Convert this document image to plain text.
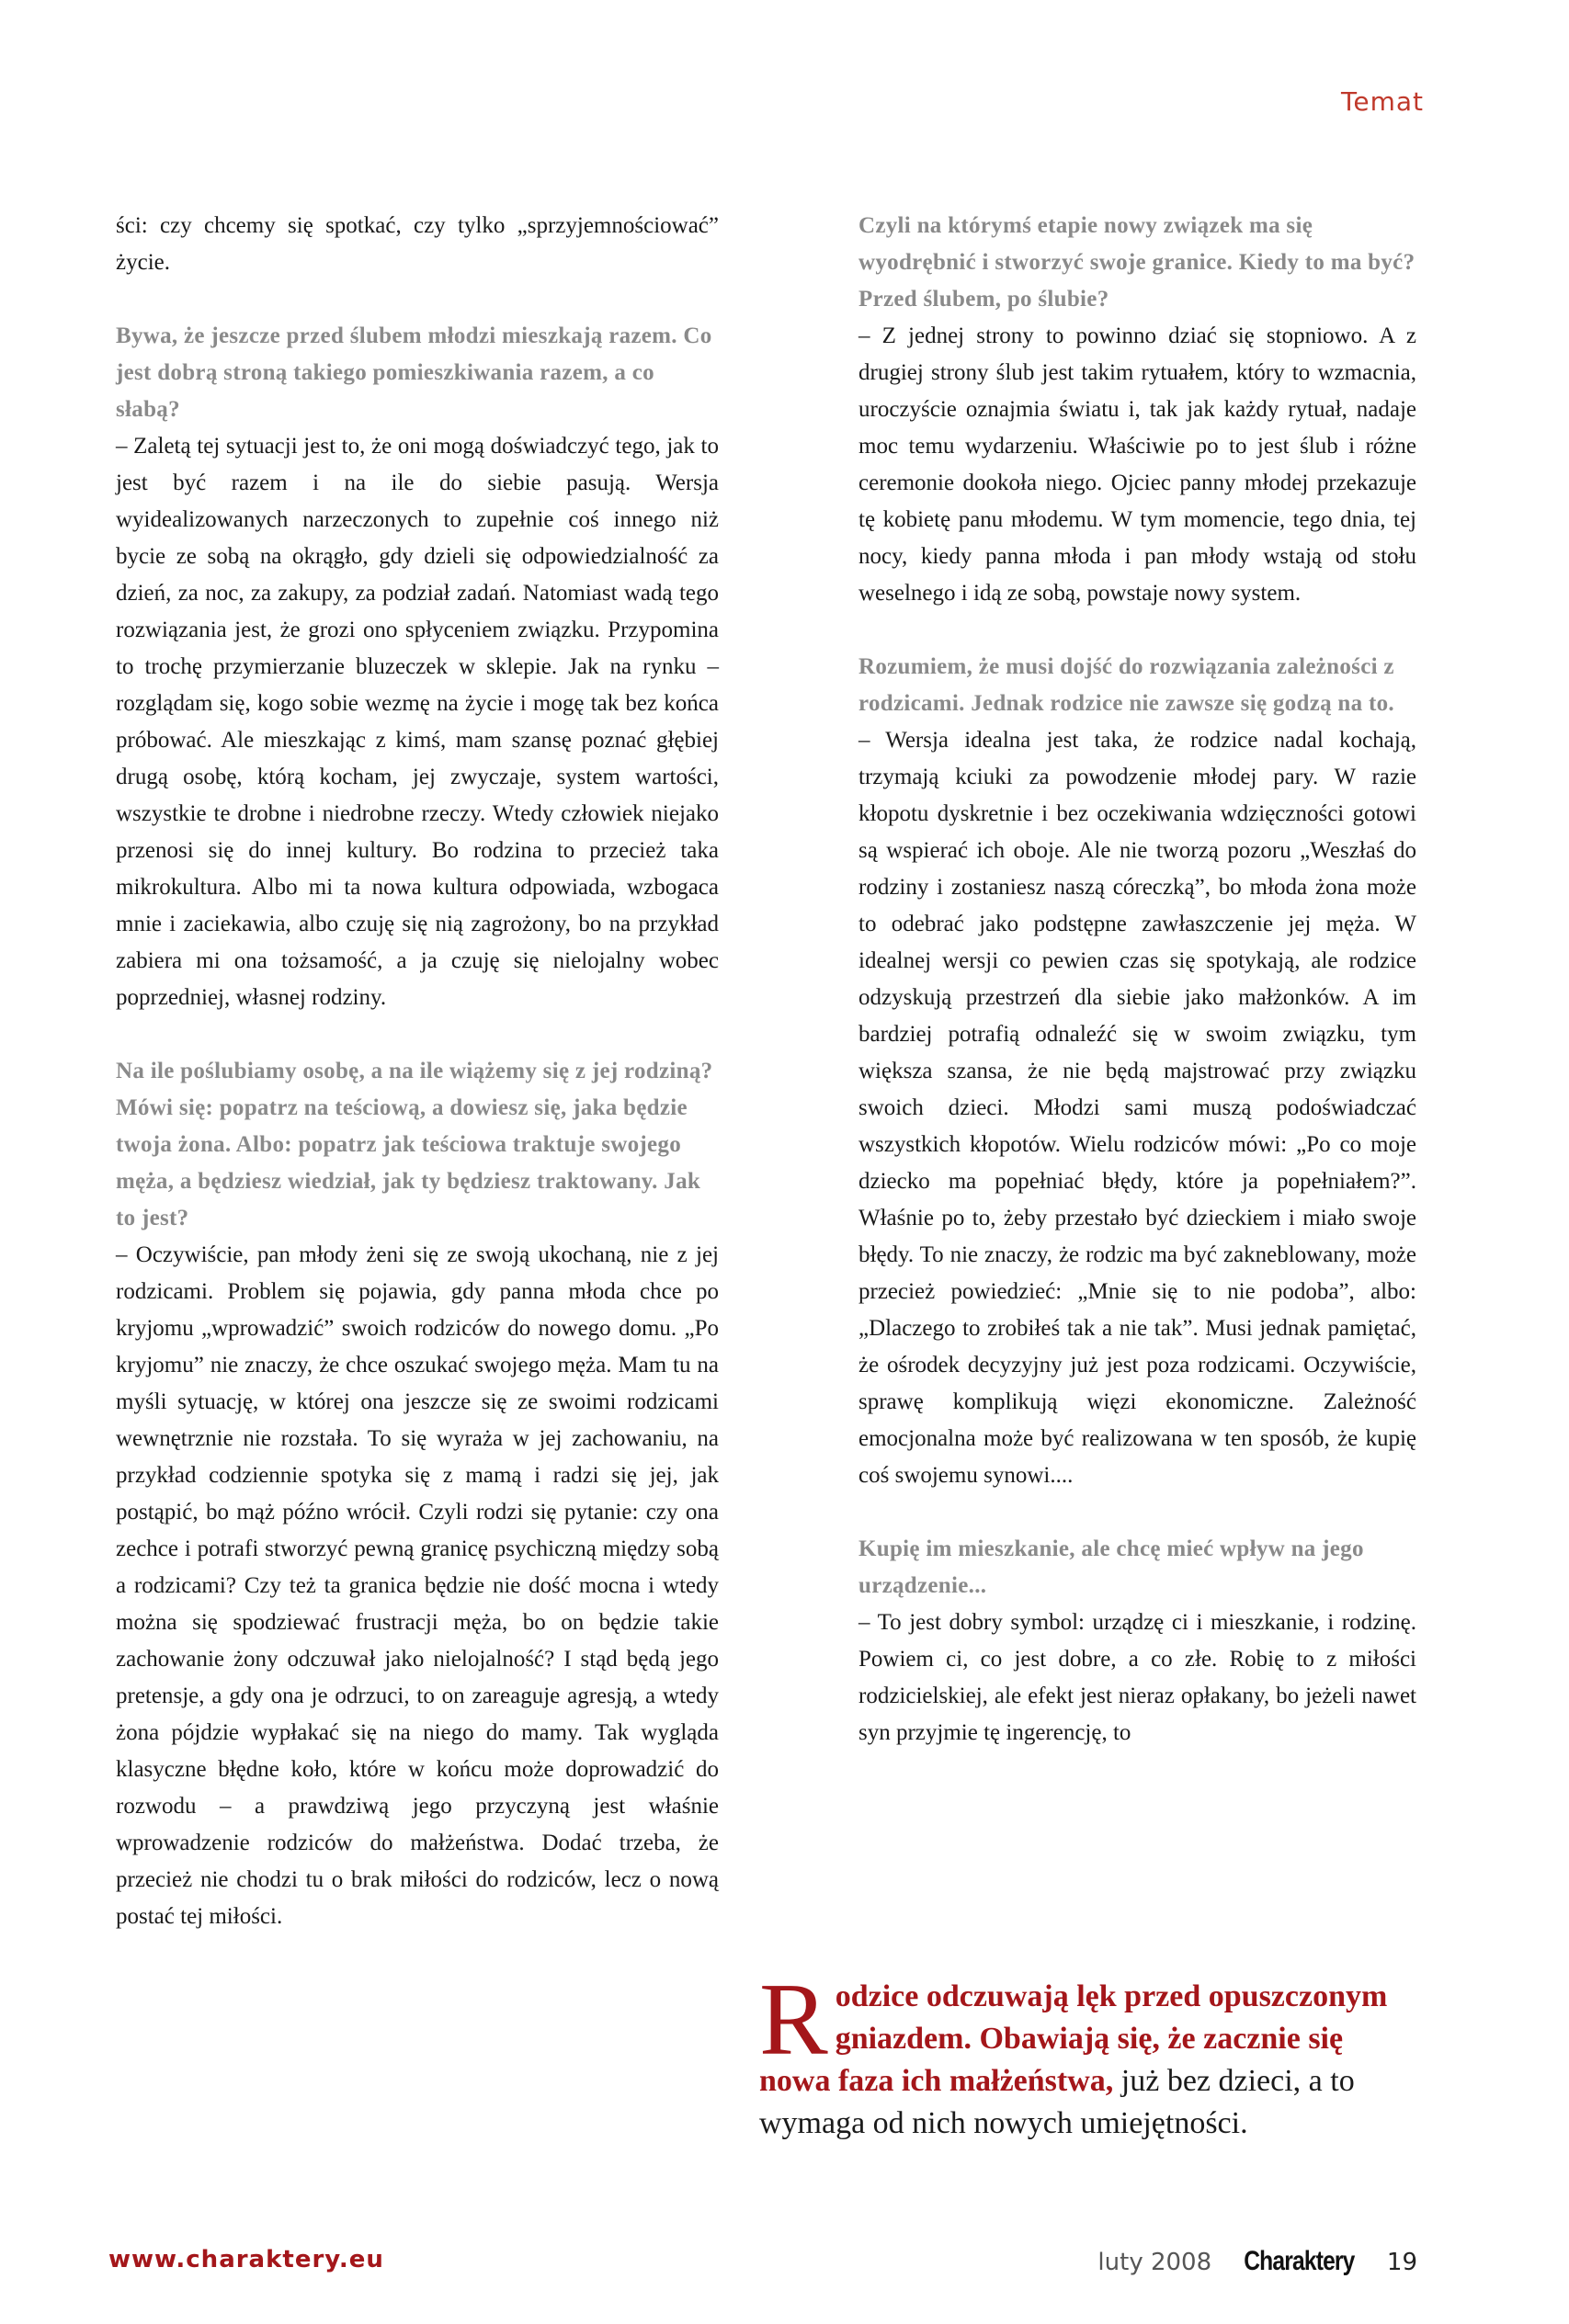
Temat

ści: czy chcemy się spotkać, czy tylko „sprzyjemnościować” życie.

Bywa, że jeszcze przed ślubem młodzi mieszkają razem. Co jest dobrą stroną takiego pomieszkiwania razem, a co słabą?

– Zaletą tej sytuacji jest to, że oni mogą doświadczyć tego, jak to jest być razem i na ile do siebie pasują. Wersja wyidealizowanych narzeczonych to zupełnie coś innego niż bycie ze sobą na okrągło, gdy dzieli się odpowiedzialność za dzień, za noc, za zakupy, za podział zadań. Natomiast wadą tego rozwiązania jest, że grozi ono spłyceniem związku. Przypomina to trochę przymierzanie bluzeczek w sklepie. Jak na rynku – rozglądam się, kogo sobie wezmę na życie i mogę tak bez końca próbować. Ale mieszkając z kimś, mam szansę poznać głębiej drugą osobę, którą kocham, jej zwyczaje, system wartości, wszystkie te drobne i niedrobne rzeczy. Wtedy człowiek niejako przenosi się do innej kultury. Bo rodzina to przecież taka mikrokultura. Albo mi ta nowa kultura odpowiada, wzbogaca mnie i zaciekawia, albo czuję się nią zagrożony, bo na przykład zabiera mi ona tożsamość, a ja czuję się nielojalny wobec poprzedniej, własnej rodziny.

Na ile poślubiamy osobę, a na ile wiążemy się z jej rodziną? Mówi się: popatrz na teściową, a dowiesz się, jaka będzie twoja żona. Albo: popatrz jak teściowa traktuje swojego męża, a będziesz wiedział, jak ty będziesz traktowany. Jak to jest?

– Oczywiście, pan młody żeni się ze swoją ukochaną, nie z jej rodzicami. Problem się pojawia, gdy panna młoda chce po kryjomu „wprowadzić” swoich rodziców do nowego domu. „Po kryjomu” nie znaczy, że chce oszukać swojego męża. Mam tu na myśli sytuację, w której ona jeszcze się ze swoimi rodzicami wewnętrznie nie rozstała. To się wyraża w jej zachowaniu, na przykład codziennie spotyka się z mamą i radzi się jej, jak postąpić, bo mąż późno wrócił. Czyli rodzi się pytanie: czy ona zechce i potrafi stworzyć pewną granicę psychiczną między sobą a rodzicami? Czy też ta granica będzie nie dość mocna i wtedy można się spodziewać frustracji męża, bo on będzie takie zachowanie żony odczuwał jako nielojalność? I stąd będą jego pretensje, a gdy ona je odrzuci, to on zareaguje agresją, a wtedy żona pójdzie wypłakać się na niego do mamy. Tak wygląda klasyczne błędne koło, które w końcu może doprowadzić do rozwodu – a prawdziwą jego przyczyną jest właśnie wprowadzenie rodziców do małżeństwa. Dodać trzeba, że przecież nie chodzi tu o brak miłości do rodziców, lecz o nową postać tej miłości.

Czyli na którymś etapie nowy związek ma się wyodrębnić i stworzyć swoje granice. Kiedy to ma być? Przed ślubem, po ślubie?

– Z jednej strony to powinno dziać się stopniowo. A z drugiej strony ślub jest takim rytuałem, który to wzmacnia, uroczyście oznajmia światu i, tak jak każdy rytuał, nadaje moc temu wydarzeniu. Właściwie po to jest ślub i różne ceremonie dookoła niego. Ojciec panny młodej przekazuje tę kobietę panu młodemu. W tym momencie, tego dnia, tej nocy, kiedy panna młoda i pan młody wstają od stołu weselnego i idą ze sobą, powstaje nowy system.

Rozumiem, że musi dojść do rozwiązania zależności z rodzicami. Jednak rodzice nie zawsze się godzą na to.

– Wersja idealna jest taka, że rodzice nadal kochają, trzymają kciuki za powodzenie młodej pary. W razie kłopotu dyskretnie i bez oczekiwania wdzięczności gotowi są wspierać ich oboje. Ale nie tworzą pozoru „Weszłaś do rodziny i zostaniesz naszą córeczką”, bo młoda żona może to odebrać jako podstępne zawłaszczenie jej męża. W idealnej wersji co pewien czas się spotykają, ale rodzice odzyskują przestrzeń dla siebie jako małżonków. A im bardziej potrafią odnaleźć się w swoim związku, tym większa szansa, że nie będą majstrować przy związku swoich dzieci. Młodzi sami muszą podoświadczać wszystkich kłopotów. Wielu rodziców mówi: „Po co moje dziecko ma popełniać błędy, które ja popełniałem?”. Właśnie po to, żeby przestało być dzieckiem i miało swoje błędy. To nie znaczy, że rodzic ma być zakneblowany, może przecież powiedzieć: „Mnie się to nie podoba”, albo: „Dlaczego to zrobiłeś tak a nie tak”. Musi jednak pamiętać, że ośrodek decyzyjny już jest poza rodzicami. Oczywiście, sprawę komplikują więzi ekonomiczne. Zależność emocjonalna może być realizowana w ten sposób, że kupię coś swojemu synowi....

Kupię im mieszkanie, ale chcę mieć wpływ na jego urządzenie...

– To jest dobry symbol: urządzę ci i mieszkanie, i rodzinę. Powiem ci, co jest dobre, a co złe. Robię to z miłości rodzicielskiej, ale efekt jest nieraz opłakany, bo jeżeli nawet syn przyjmie tę ingerencję, to

Rodzice odczuwają lęk przed opuszczonym gniazdem. Obawiają się, że zacznie się nowa faza ich małżeństwa, już bez dzieci, a to wymaga od nich nowych umiejętności.
www.charaktery.eu	luty 2008 Charaktery 19
